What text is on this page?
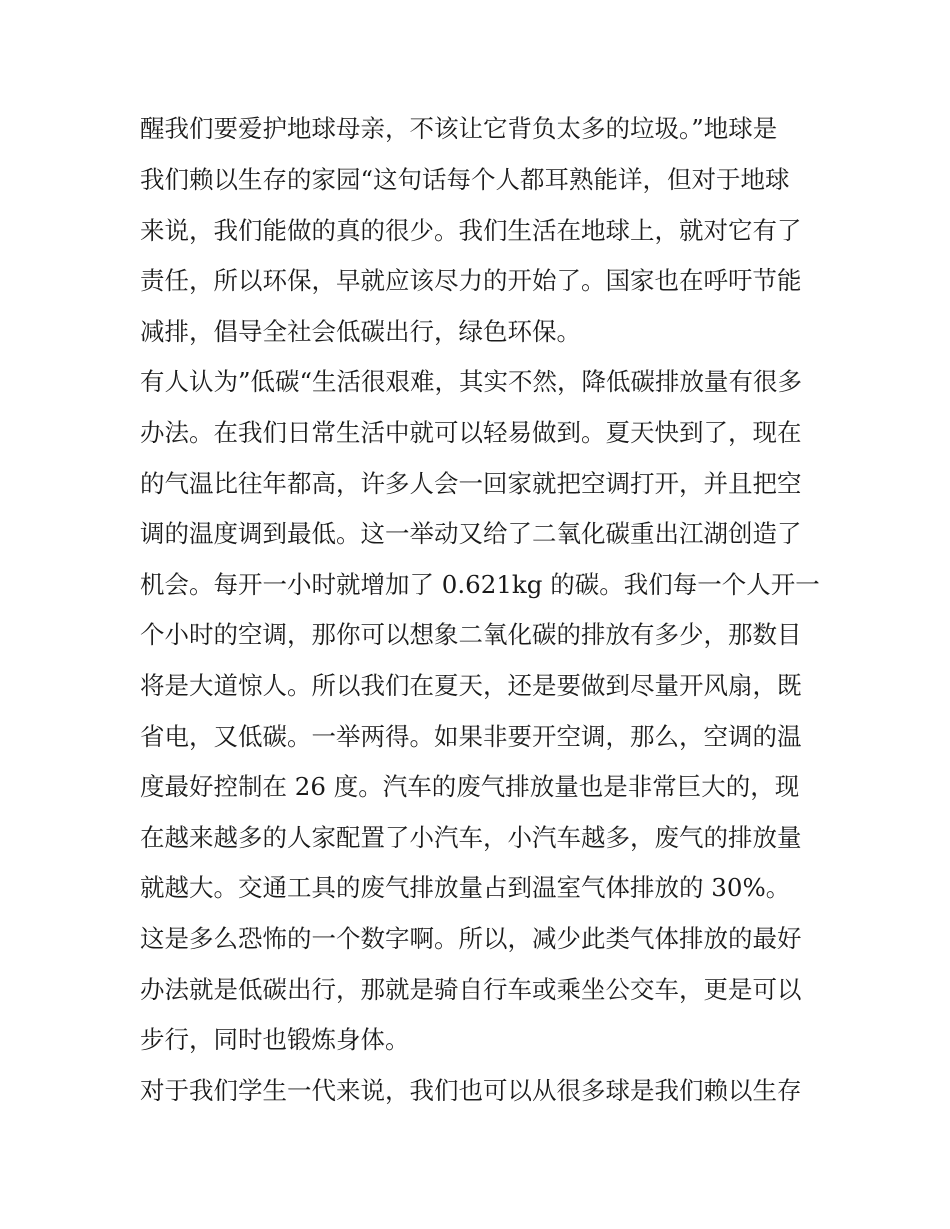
醒我们要爱护地球母亲，不该让它背负太多的垃圾。”地球是
我们赖以生存的家园“这句话每个人都耳熟能详，但对于地球
来说，我们能做的真的很少。我们生活在地球上，就对它有了
责任，所以环保，早就应该尽力的开始了。国家也在呼吁节能
减排，倡导全社会低碳出行，绿色环保。
有人认为”低碳“生活很艰难，其实不然，降低碳排放量有很多
办法。在我们日常生活中就可以轻易做到。夏天快到了，现在
的气温比往年都高，许多人会一回家就把空调打开，并且把空
调的温度调到最低。这一举动又给了二氧化碳重出江湖创造了
机会。每开一小时就增加了 0.621kg 的碳。我们每一个人开一
个小时的空调，那你可以想象二氧化碳的排放有多少，那数目
将是大道惊人。所以我们在夏天，还是要做到尽量开风扇，既
省电，又低碳。一举两得。如果非要开空调，那么，空调的温
度最好控制在 26 度。汽车的废气排放量也是非常巨大的，现
在越来越多的人家配置了小汽车，小汽车越多，废气的排放量
就越大。交通工具的废气排放量占到温室气体排放的 30%。
这是多么恐怖的一个数字啊。所以，减少此类气体排放的最好
办法就是低碳出行，那就是骑自行车或乘坐公交车，更是可以
步行，同时也锻炼身体。
对于我们学生一代来说，我们也可以从很多球是我们赖以生存
